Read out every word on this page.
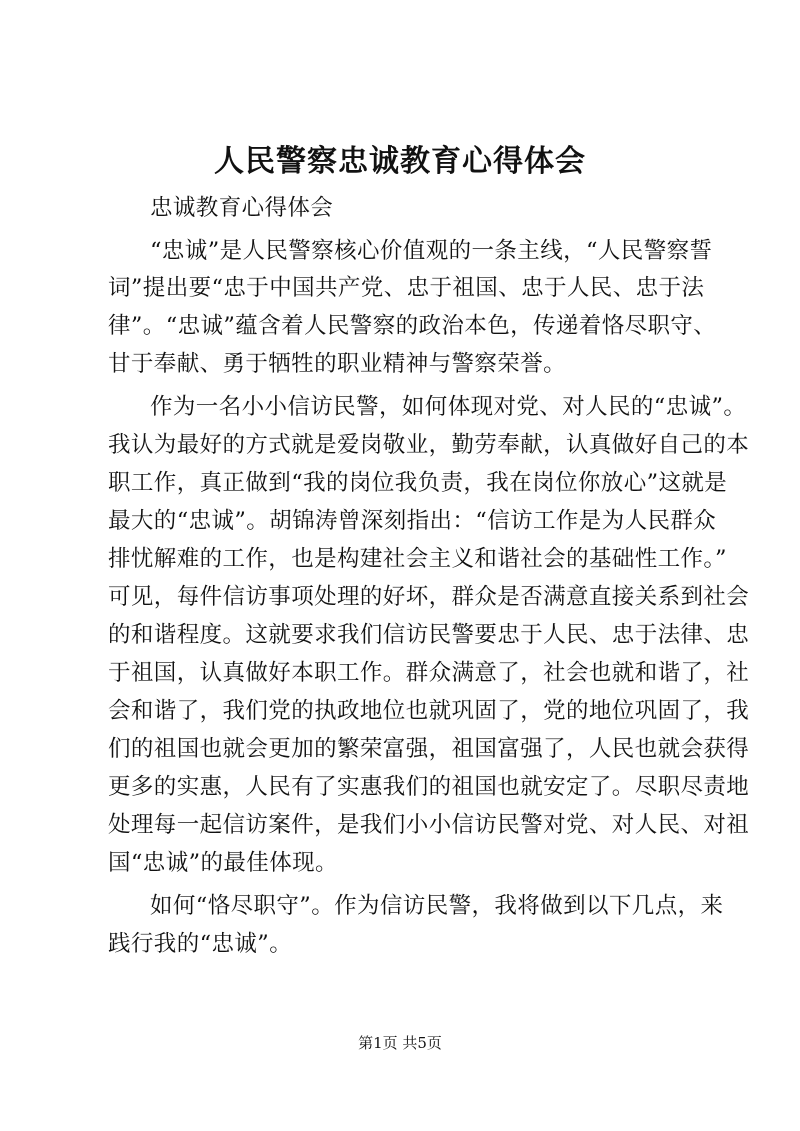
人民警察忠诚教育心得体会
忠诚教育心得体会
“忠诚”是人民警察核心价值观的一条主线，“人民警察誓
词”提出要“忠于中国共产党、忠于祖国、忠于人民、忠于法
律”。“忠诚”蕴含着人民警察的政治本色，传递着恪尽职守、
甘于奉献、勇于牺牲的职业精神与警察荣誉。
作为一名小小信访民警，如何体现对党、对人民的“忠诚”。
我认为最好的方式就是爱岗敬业，勤劳奉献，认真做好自己的本
职工作，真正做到“我的岗位我负责，我在岗位你放心”这就是
最大的“忠诚”。胡锦涛曾深刻指出：“信访工作是为人民群众
排忧解难的工作，也是构建社会主义和谐社会的基础性工作。”
可见，每件信访事项处理的好坏，群众是否满意直接关系到社会
的和谐程度。这就要求我们信访民警要忠于人民、忠于法律、忠
于祖国，认真做好本职工作。群众满意了，社会也就和谐了，社
会和谐了，我们党的执政地位也就巩固了，党的地位巩固了，我
们的祖国也就会更加的繁荣富强，祖国富强了，人民也就会获得
更多的实惠，人民有了实惠我们的祖国也就安定了。尽职尽责地
处理每一起信访案件，是我们小小信访民警对党、对人民、对祖
国“忠诚”的最佳体现。
如何“恪尽职守”。作为信访民警，我将做到以下几点，来
践行我的“忠诚”。
第1页 共5页
